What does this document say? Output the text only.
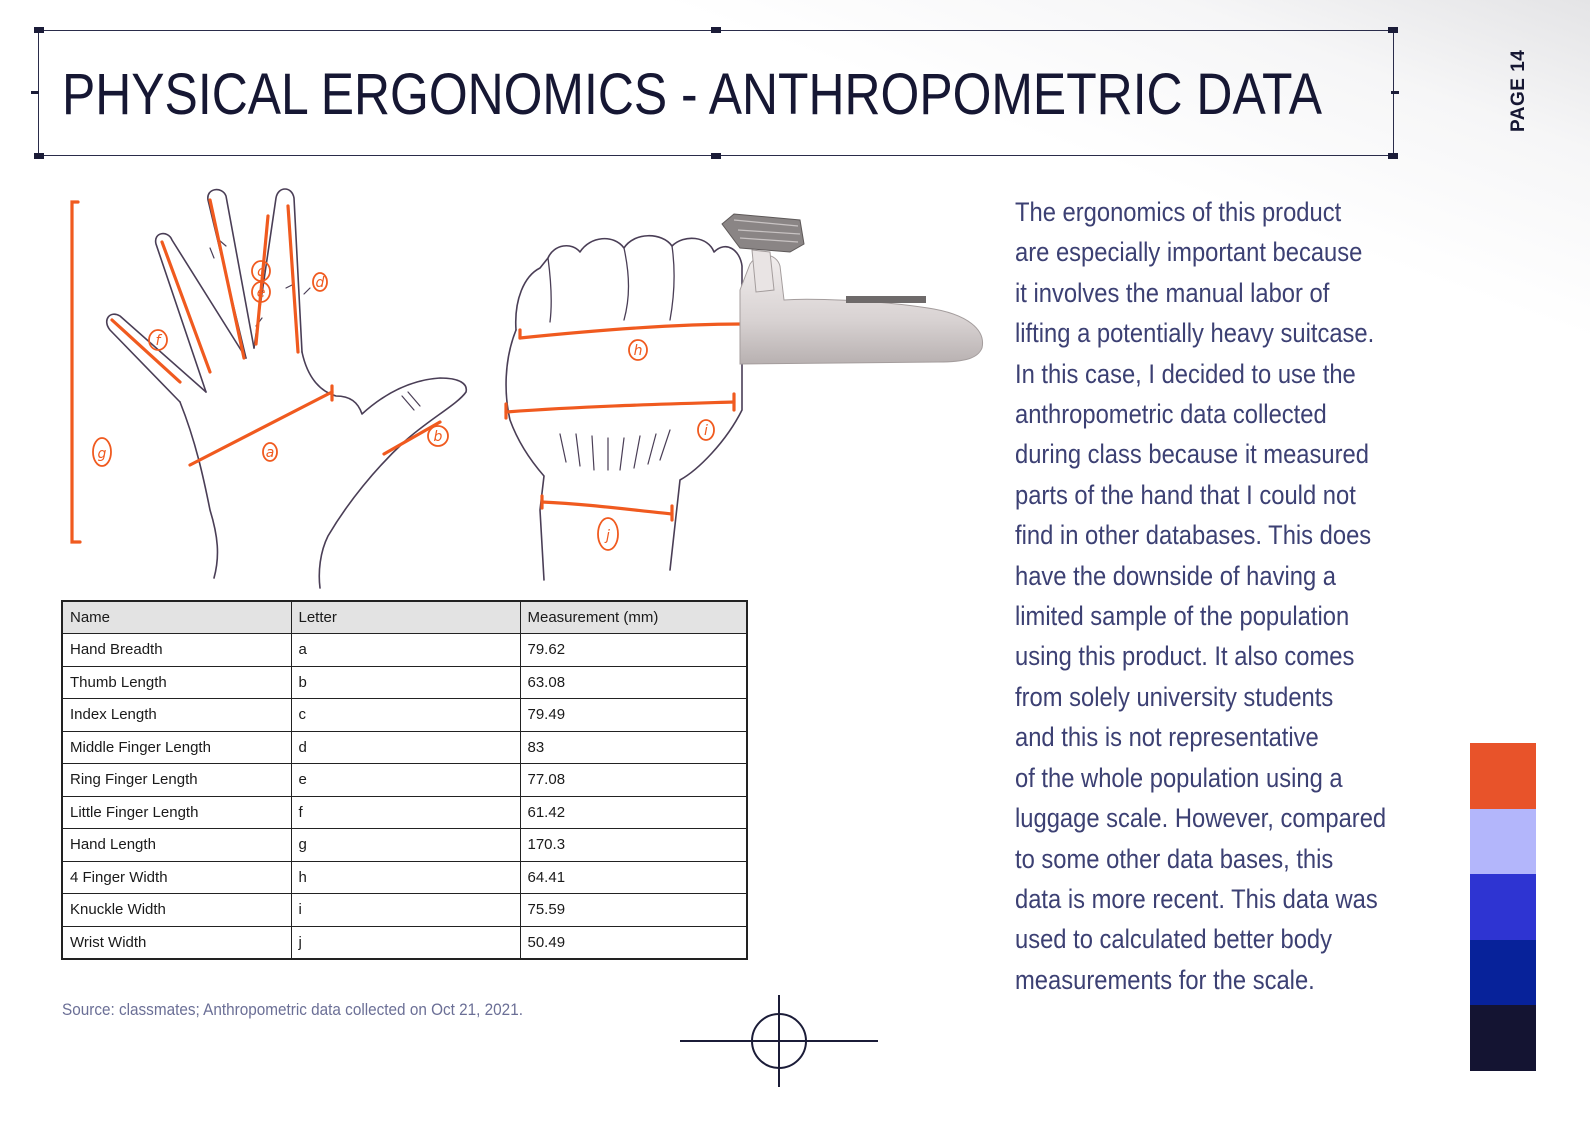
PHYSICAL ERGONOMICS - ANTHROPOMETRIC DATA	PAGE 14
a
b
d
c
e
f
g
h
i
j
Name	Letter	Measurement (mm)
Hand Breadth	a	79.62
Thumb Length	b	63.08
Index Length	c	79.49
Middle Finger Length	d	83
Ring Finger Length	e	77.08
Little Finger Length	f	61.42
Hand Length	g	170.3
4 Finger Width	h	64.41
Knuckle Width	i	75.59
Wrist Width	j	50.49
Source: classmates; Anthropometric data collected on Oct 21, 2021.

The ergonomics of this product
are especially important because
it involves the manual labor of
lifting a potentially heavy suitcase.
In this case, I decided to use the
anthropometric data collected
during class because it measured
parts of the hand that I could not
find in other databases. This does
have the downside of having a
limited sample of the population
using this product. It also comes
from solely university students
and this is not representative
of the whole population using a
luggage scale. However, compared
to some other data bases, this
data is more recent. This data was
used to calculated better body
measurements for the scale.
